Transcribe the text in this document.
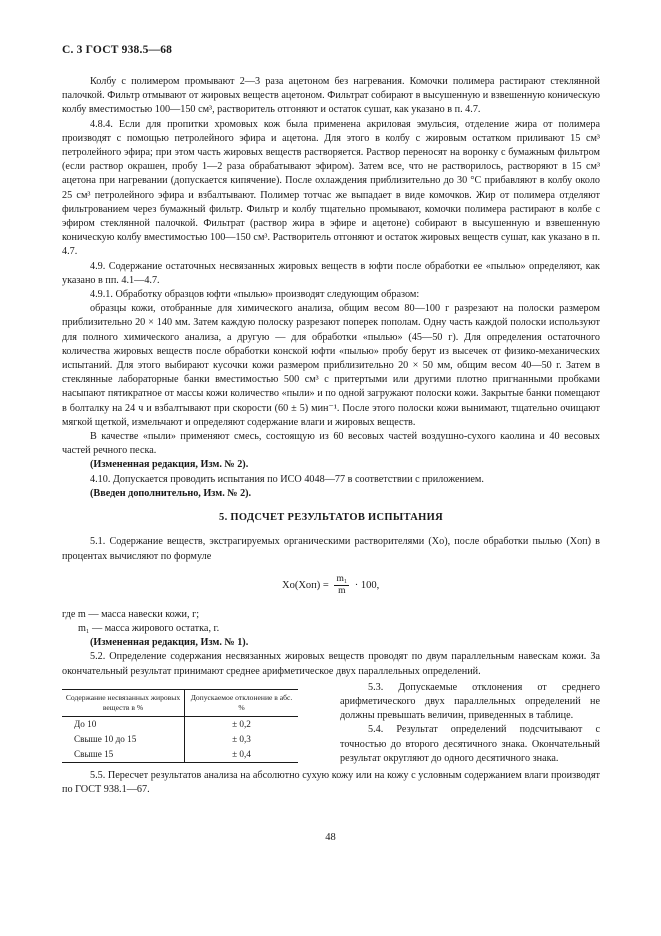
С. 3 ГОСТ 938.5—68

Колбу с полимером промывают 2—3 раза ацетоном без нагревания. Комочки полимера растирают стеклянной палочкой. Фильтр отмывают от жировых веществ ацетоном. Фильтрат собирают в высушенную и взвешенную коническую колбу вместимостью 100—150 см³, растворитель отгоняют и остаток сушат, как указано в п. 4.7.

4.8.4. Если для пропитки хромовых кож была применена акриловая эмульсия, отделение жира от полимера производят с помощью петролейного эфира и ацетона. Для этого в колбу с жировым остатком приливают 15 см³ петролейного эфира; при этом часть жировых веществ растворяется. Раствор переносят на воронку с бумажным фильтром (если раствор окрашен, пробу 1—2 раза обрабатывают эфиром). Затем все, что не растворилось, растворяют в 15 см³ ацетона при нагревании (допускается кипячение). После охлаждения приблизительно до 30 °С прибавляют в колбу около 25 см³ петролейного эфира и взбалтывают. Полимер тотчас же выпадает в виде комочков. Жир от полимера отделяют фильтрованием через бумажный фильтр. Фильтр и колбу тщательно промывают, комочки полимера растирают в колбе с эфиром стеклянной палочкой. Фильтрат (раствор жира в эфире и ацетоне) собирают в высушенную и взвешенную коническую колбу вместимостью 100—150 см³. Растворитель отгоняют и остаток жировых веществ сушат, как указано в п. 4.7.

4.9. Содержание остаточных несвязанных жировых веществ в юфти после обработки ее «пылью» определяют, как указано в пп. 4.1—4.7.

4.9.1. Обработку образцов юфти «пылью» производят следующим образом:

образцы кожи, отобранные для химического анализа, общим весом 80—100 г разрезают на полоски размером приблизительно 20 × 140 мм. Затем каждую полоску разрезают поперек пополам. Одну часть каждой полоски используют для полного химического анализа, а другую — для обработки «пылью» (45—50 г). Для определения остаточного количества жировых веществ после обработки конской юфти «пылью» пробу берут из высечек от физико-механических испытаний. Для этого выбирают кусочки кожи размером приблизительно 20 × 50 мм, общим весом 40—50 г. Затем в стеклянные лабораторные банки вместимостью 500 см³ с притертыми или другими плотно пригнанными пробками насыпают пятикратное от массы кожи количество «пыли» и по одной загружают полоски кожи. Закрытые банки помещают в болталку на 24 ч и взбалтывают при скорости (60 ± 5) мин⁻¹. После этого полоски кожи вынимают, тщательно очищают мягкой щеткой, измельчают и определяют содержание влаги и жировых веществ.

В качестве «пыли» применяют смесь, состоящую из 60 весовых частей воздушно-сухого каолина и 40 весовых частей речного песка.

(Измененная редакция, Изм. № 2).

4.10. Допускается проводить испытания по ИСО 4048—77 в соответствии с приложением.

(Введен дополнительно, Изм. № 2).

5. ПОДСЧЕТ РЕЗУЛЬТАТОВ ИСПЫТАНИЯ

5.1. Содержание веществ, экстрагируемых органическими растворителями (Xо), после обработки пылью (Xоп) в процентах вычисляют по формуле

$Xо(Xоп) = \frac{\text{m₁}}{m} \cdot 100$,

где m — масса навески кожи, г;

m₁ — масса жирового остатка, г.

(Измененная редакция, Изм. № 1).

5.2. Определение содержания несвязанных жировых веществ проводят по двум параллельным навескам кожи. За окончательный результат принимают среднее арифметическое двух параллельных определений.

Содержание несвязанных жировых веществ в %	Допускаемое отклонение в абс. %
До 10	± 0,2
Свыше 10 до 15	± 0,3
Свыше 15	± 0,4

5.3. Допускаемые отклонения от среднего арифметического двух параллельных определений не должны превышать величин, приведенных в таблице.

5.4. Результат определений подсчитывают с точностью до второго десятичного знака. Окончательный результат округляют до одного десятичного знака.

5.5. Пересчет результатов анализа на абсолютно сухую кожу или на кожу с условным содержанием влаги производят по ГОСТ 938.1—67.

48
